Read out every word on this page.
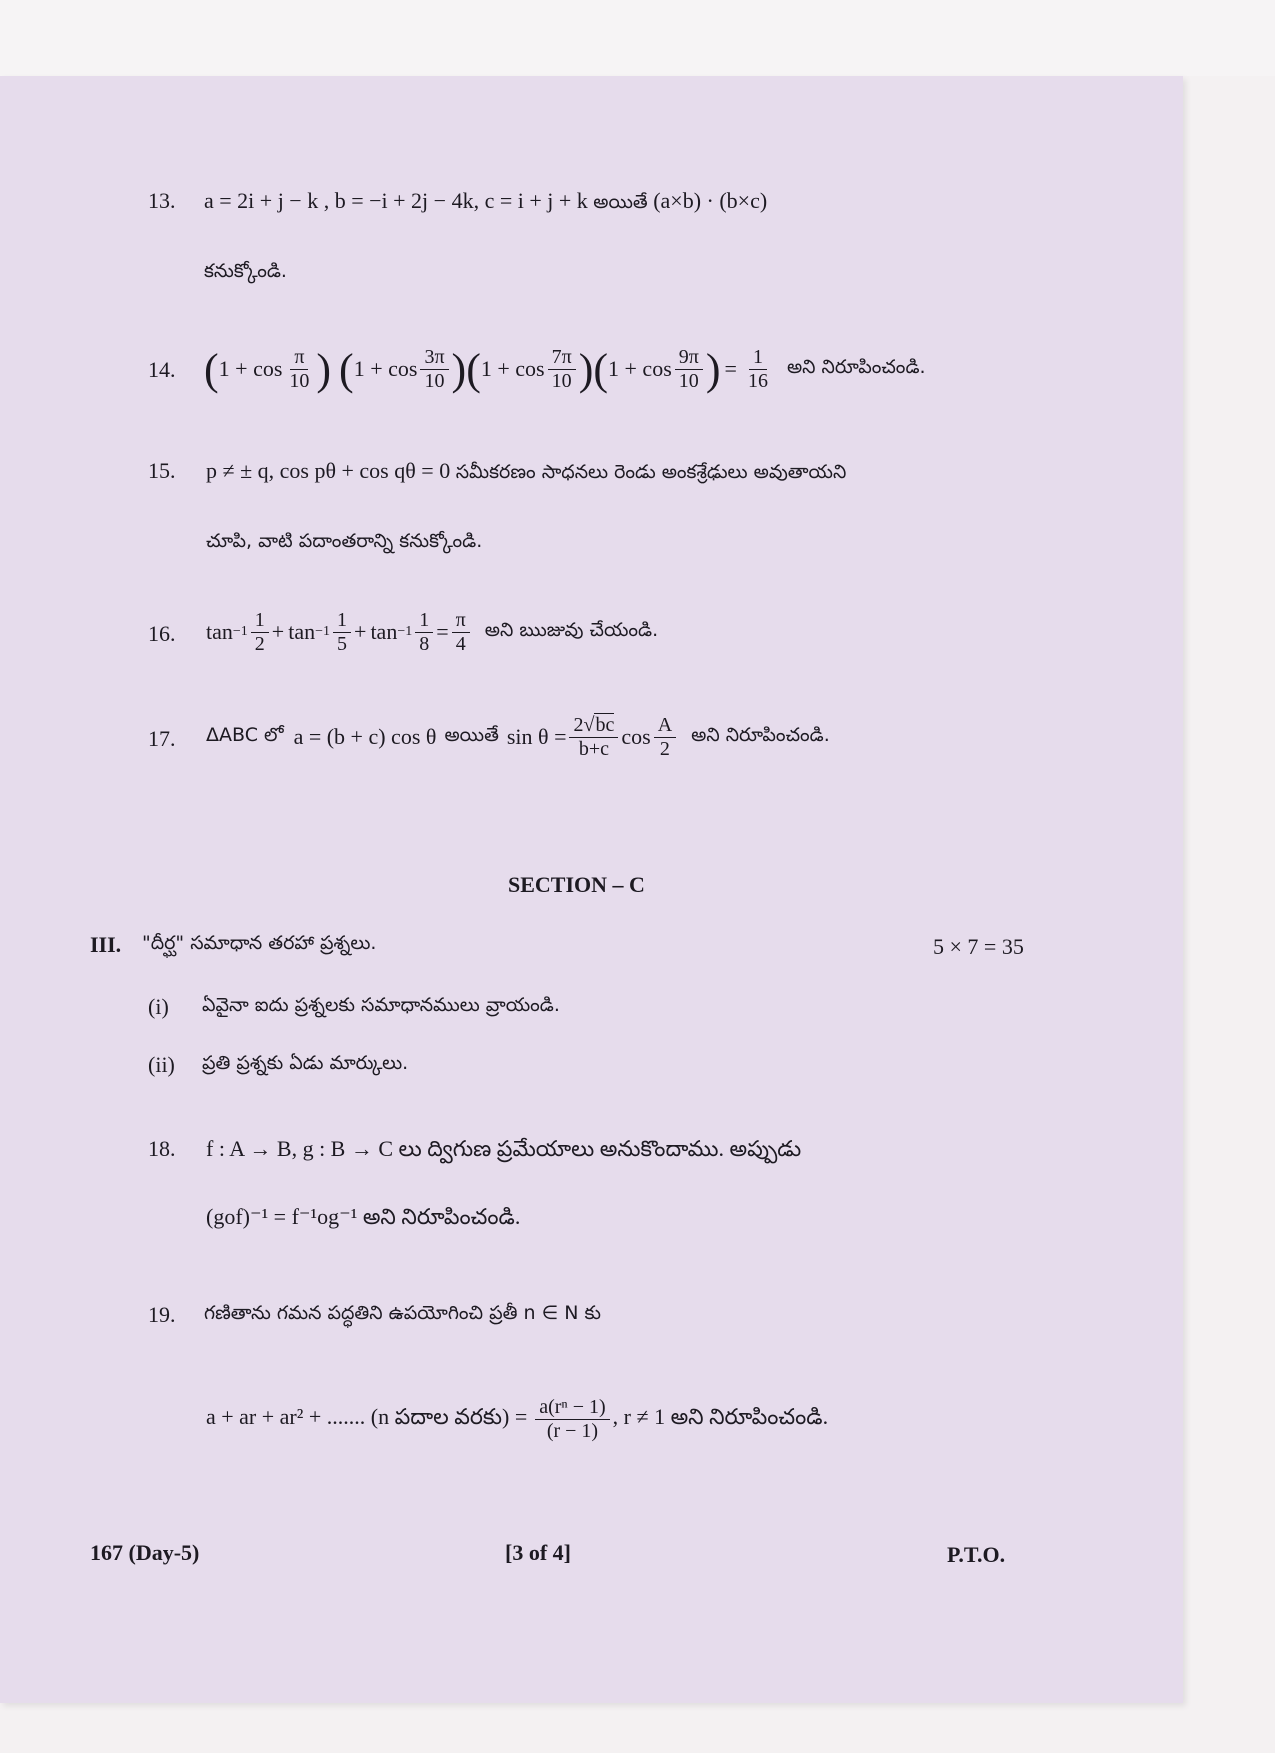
13. a = 2i + j − k , b = −i + 2j − 4k, c = i + j + k అయితే (a×b) · (b×c)
కనుక్కోండి.
14. ( $1 + \cos \frac{\pi}{10}$ ) ( $1 + \cos \frac{3\pi}{10}$ ) ( $1 + \cos \frac{7\pi}{10}$ ) ( $1 + \cos \frac{9\pi}{10}$ ) = $\frac{1}{16}$ అని నిరూపించండి.
15. p ≠ ± q, cos pθ + cos qθ = 0 సమీకరణం సాధనలు రెండు అంకశ్రేఢులు అవుతాయని
చూపి, వాటి పదాంతరాన్ని కనుక్కోండి.
16. $\tan -1 \frac{1}{2} + \tan -1 \frac{1}{5} + \tan -1 \frac{1}{8} = \frac{\pi}{4}$ అని ఋజువు చేయండి.
17. ΔABC లో a = (b + c) cos θ అయితే $\sin \theta = \frac{2√bc}{b+c}$ $\cos \frac{A}{2}$ అని నిరూపించండి.
SECTION – C
III. "దీర్ఘ" సమాధాన తరహా ప్రశ్నలు.	5 × 7 = 35
(i) ఏవైనా ఐదు ప్రశ్నలకు సమాధానములు వ్రాయండి.
(ii) ప్రతి ప్రశ్నకు ఏడు మార్కులు.
18. f : A → B, g : B → C లు ద్విగుణ ప్రమేయాలు అనుకొందాము. అప్పుడు
(gof)⁻¹ = f⁻¹og⁻¹ అని నిరూపించండి.
19. గణితాను గమన పద్ధతిని ఉపయోగించి ప్రతీ n ∈ N కు
a + ar + ar² + ....... (n పదాల వరకు) = $\frac{\text{a(rⁿ − 1)}}{(r - 1)}$ , r ≠ 1 అని నిరూపించండి.
167 (Day-5)	[3 of 4]	P.T.O.
